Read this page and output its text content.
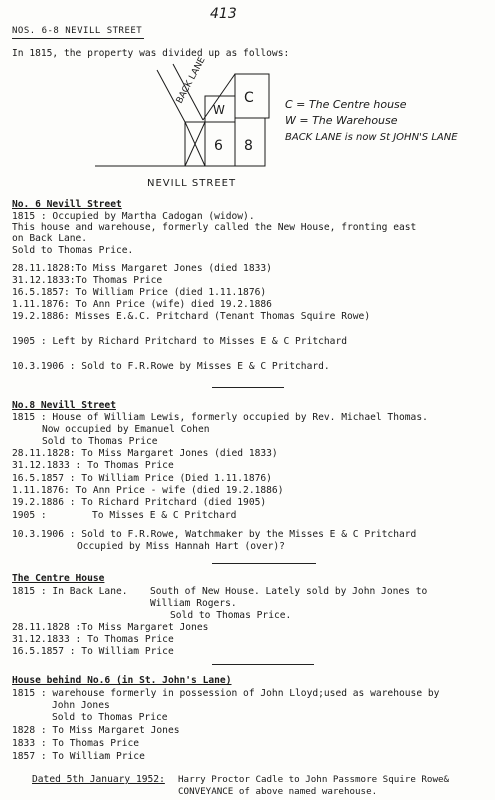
413
NOS. 6-8 NEVILL STREET
In 1815, the property was divided up as follows:
BACK LANE	C
W
6 8
NEVILL STREET
C = The Centre house
W = The Warehouse
BACK LANE is now St JOHN'S LANE
No. 6 Nevill Street
1815 : Occupied by Martha Cadogan (widow).
This house and warehouse, formerly called the New House, fronting east
on Back Lane.
Sold to Thomas Price.
28.11.1828:To Miss Margaret Jones (died 1833)
31.12.1833:To Thomas Price
16.5.1857: To William Price (died 1.11.1876)
1.11.1876: To Ann Price (wife) died 19.2.1886
19.2.1886: Misses E.&.C. Pritchard (Tenant Thomas Squire Rowe)
1905 : Left by Richard Pritchard to Misses E & C Pritchard
10.3.1906 : Sold to F.R.Rowe by Misses E & C Pritchard.
No.8 Nevill Street
1815 : House of William Lewis, formerly occupied by Rev. Michael Thomas.
Now occupied by Emanuel Cohen
Sold to Thomas Price
28.11.1828: To Miss Margaret Jones (died 1833)
31.12.1833 : To Thomas Price
16.5.1857 : To William Price (Died 1.11.1876)
1.11.1876: To Ann Price - wife (died 19.2.1886)
19.2.1886 : To Richard Pritchard (died 1905)
1905 :	To Misses E & C Pritchard
10.3.1906 : Sold to F.R.Rowe, Watchmaker by the Misses E & C Pritchard
Occupied by Miss Hannah Hart (over)?
The Centre House
1815 : In Back Lane. South of New House. Lately sold by John Jones to
William Rogers.
Sold to Thomas Price.
28.11.1828 :To Miss Margaret Jones
31.12.1833 : To Thomas Price
16.5.1857 : To William Price
House behind No.6 (in St. John's Lane)
1815 : warehouse formerly in possession of John Lloyd;used as warehouse by
John Jones
Sold to Thomas Price
1828 : To Miss Margaret Jones
1833 : To Thomas Price
1857 : To William Price
Dated 5th January 1952: Harry Proctor Cadle to John Passmore Squire Rowe&
CONVEYANCE of above named warehouse.
